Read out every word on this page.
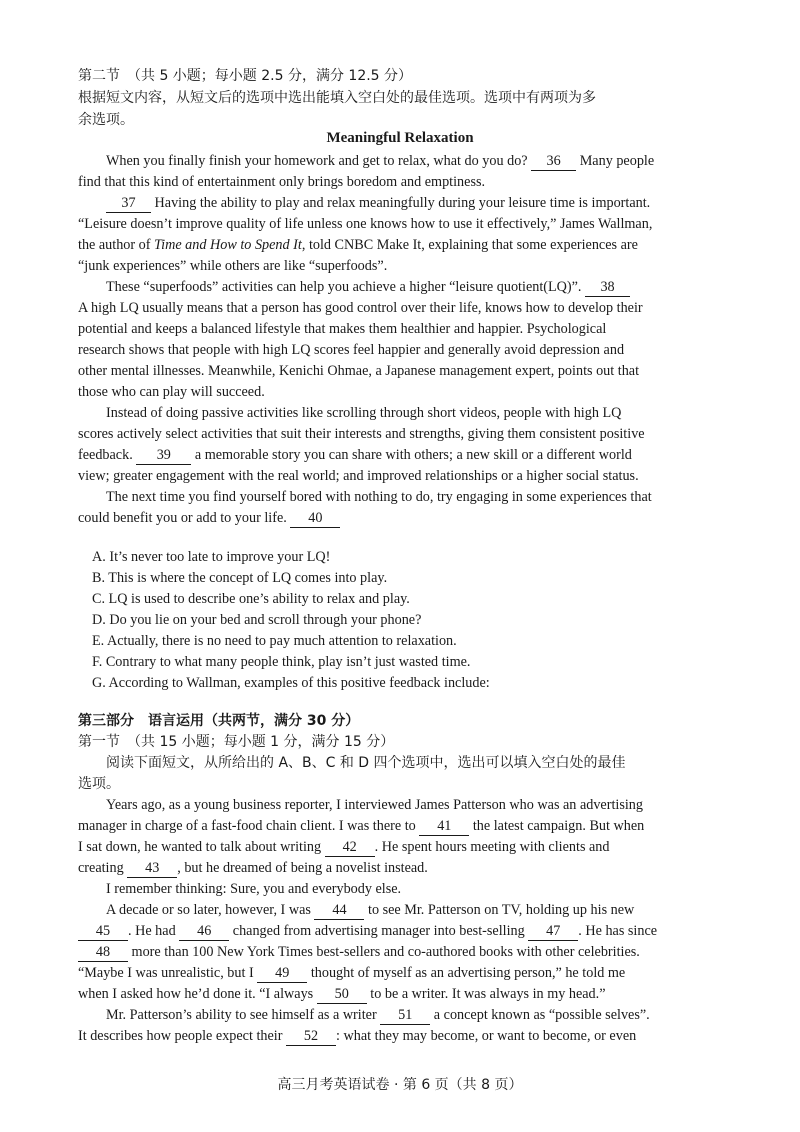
第二节　（共 5 小题；每小题 2.5 分，满分 12.5 分）
根据短文内容，从短文后的选项中选出能填入空白处的最佳选项。选项中有两项为多
余选项。
Meaningful Relaxation
When you finally finish your homework and get to relax, what do you do? 36 Many people
find that this kind of entertainment only brings boredom and emptiness.
37 Having the ability to play and relax meaningfully during your leisure time is important.
“Leisure doesn’t improve quality of life unless one knows how to use it effectively,” James Wallman,
the author of Time and How to Spend It, told CNBC Make It, explaining that some experiences are
“junk experiences” while others are like “superfoods”.
These “superfoods” activities can help you achieve a higher “leisure quotient(LQ)”. 38
A high LQ usually means that a person has good control over their life, knows how to develop their
potential and keeps a balanced lifestyle that makes them healthier and happier. Psychological
research shows that people with high LQ scores feel happier and generally avoid depression and
other mental illnesses. Meanwhile, Kenichi Ohmae, a Japanese management expert, points out that
those who can play will succeed.
Instead of doing passive activities like scrolling through short videos, people with high LQ
scores actively select activities that suit their interests and strengths, giving them consistent positive
feedback. 39 a memorable story you can share with others; a new skill or a different world
view; greater engagement with the real world; and improved relationships or a higher social status.
The next time you find yourself bored with nothing to do, try engaging in some experiences that
could benefit you or add to your life. 40
A. It’s never too late to improve your LQ!
B. This is where the concept of LQ comes into play.
C. LQ is used to describe one’s ability to relax and play.
D. Do you lie on your bed and scroll through your phone?
E. Actually, there is no need to pay much attention to relaxation.
F. Contrary to what many people think, play isn’t just wasted time.
G. According to Wallman, examples of this positive feedback include:
第三部分　语言运用（共两节，满分 30 分）
第一节　（共 15 小题；每小题 1 分，满分 15 分）
阅读下面短文，从所给出的 A、B、C 和 D 四个选项中，选出可以填入空白处的最佳
选项。
Years ago, as a young business reporter, I interviewed James Patterson who was an advertising
manager in charge of a fast-food chain client. I was there to 41 the latest campaign. But when
I sat down, he wanted to talk about writing 42 . He spent hours meeting with clients and
creating 43 , but he dreamed of being a novelist instead.
I remember thinking: Sure, you and everybody else.
A decade or so later, however, I was 44 to see Mr. Patterson on TV, holding up his new
45 . He had 46 changed from advertising manager into best-selling 47 . He has since
48 more than 100 New York Times best-sellers and co-authored books with other celebrities.
“Maybe I was unrealistic, but I 49 thought of myself as an advertising person,” he told me
when I asked how he’d done it. “I always 50 to be a writer. It was always in my head.”
Mr. Patterson’s ability to see himself as a writer 51 a concept known as “possible selves”.
It describes how people expect their 52 : what they may become, or want to become, or even
高三月考英语试卷 · 第 6 页（共 8 页）
